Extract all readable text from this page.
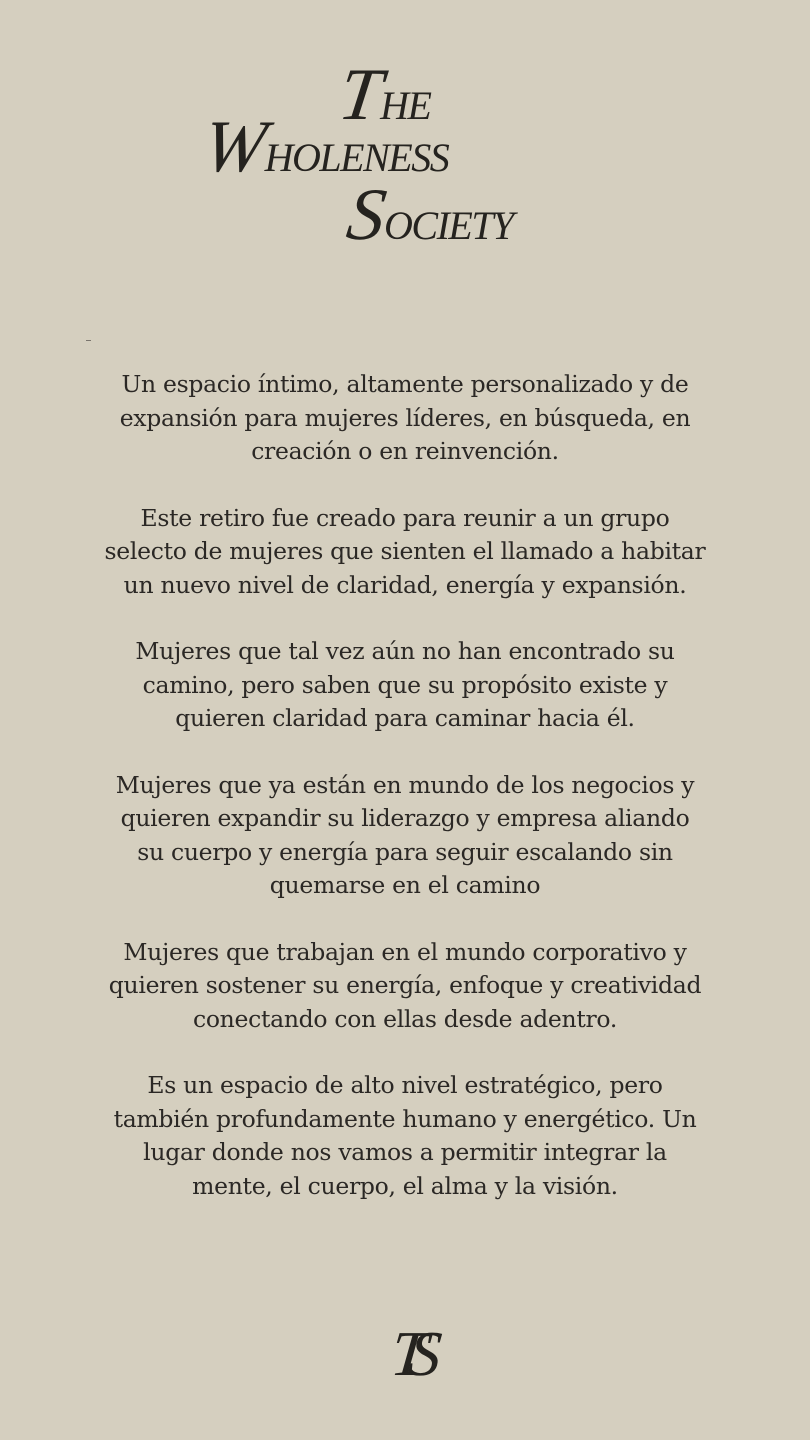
THE
WHOLENESS
SOCIETY

Un espacio íntimo, altamente personalizado y de
expansión para mujeres líderes, en búsqueda, en
creación o en reinvención.

Este retiro fue creado para reunir a un grupo
selecto de mujeres que sienten el llamado a habitar
un nuevo nivel de claridad, energía y expansión.

Mujeres que tal vez aún no han encontrado su
camino, pero saben que su propósito existe y
quieren claridad para caminar hacia él.

Mujeres que ya están en mundo de los negocios y
quieren expandir su liderazgo y empresa aliando
su cuerpo y energía para seguir escalando sin
quemarse en el camino

Mujeres que trabajan en el mundo corporativo y
quieren sostener su energía, enfoque y creatividad
conectando con ellas desde adentro.

Es un espacio de alto nivel estratégico, pero
también profundamente humano y energético. Un
lugar donde nos vamos a permitir integrar la
mente, el cuerpo, el alma y la visión.

TS
